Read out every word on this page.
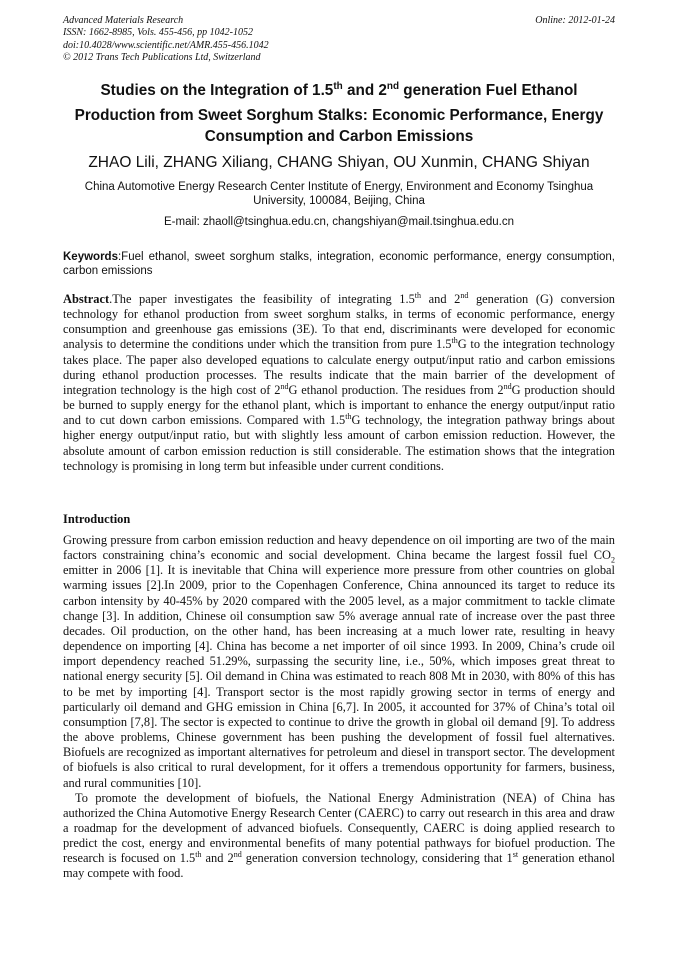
Advanced Materials Research
ISSN: 1662-8985, Vols. 455-456, pp 1042-1052
doi:10.4028/www.scientific.net/AMR.455-456.1042
© 2012 Trans Tech Publications Ltd, Switzerland
Online: 2012-01-24
Studies on the Integration of 1.5th and 2nd generation Fuel Ethanol
Production from Sweet Sorghum Stalks: Economic Performance, Energy Consumption and Carbon Emissions
ZHAO Lili, ZHANG Xiliang, CHANG Shiyan, OU Xunmin, CHANG Shiyan
China Automotive Energy Research Center Institute of Energy, Environment and Economy Tsinghua University, 100084, Beijing, China
E-mail: zhaoll@tsinghua.edu.cn, changshiyan@mail.tsinghua.edu.cn
Keywords:Fuel ethanol, sweet sorghum stalks, integration, economic performance, energy consumption, carbon emissions
Abstract.The paper investigates the feasibility of integrating 1.5th and 2nd generation (G) conversion technology for ethanol production from sweet sorghum stalks, in terms of economic performance, energy consumption and greenhouse gas emissions (3E). To that end, discriminants were developed for economic analysis to determine the conditions under which the transition from pure 1.5thG to the integration technology takes place. The paper also developed equations to calculate energy output/input ratio and carbon emissions during ethanol production processes. The results indicate that the main barrier of the development of integration technology is the high cost of 2ndG ethanol production. The residues from 2ndG production should be burned to supply energy for the ethanol plant, which is important to enhance the energy output/input ratio and to cut down carbon emissions. Compared with 1.5thG technology, the integration pathway brings about higher energy output/input ratio, but with slightly less amount of carbon emission reduction. However, the absolute amount of carbon emission reduction is still considerable. The estimation shows that the integration technology is promising in long term but infeasible under current conditions.
Introduction

Growing pressure from carbon emission reduction and heavy dependence on oil importing are two of the main factors constraining china’s economic and social development. China became the largest fossil fuel $CO_2$ emitter in 2006 [1]. It is inevitable that China will experience more pressure from other countries on global warming issues [2].In 2009, prior to the Copenhagen Conference, China announced its target to reduce its carbon intensity by 40-45% by 2020 compared with the 2005 level, as a major commitment to tackle climate change [3]. In addition, Chinese oil consumption saw 5% average annual rate of increase over the past three decades. Oil production, on the other hand, has been increasing at a much lower rate, resulting in heavy dependence on importing [4]. China has become a net importer of oil since 1993. In 2009, China’s crude oil import dependency reached 51.29%, surpassing the security line, i.e., 50%, which imposes great threat to national energy security [5]. Oil demand in China was estimated to reach 808 Mt in 2030, with 80% of this has to be met by importing [4]. Transport sector is the most rapidly growing sector in terms of energy and particularly oil demand and GHG emission in China [6,7]. In 2005, it accounted for 37% of China’s total oil consumption [7,8]. The sector is expected to continue to drive the growth in global oil demand [9]. To address the above problems, Chinese government has been pushing the development of fossil fuel alternatives. Biofuels are recognized as important alternatives for petroleum and diesel in transport sector. The development of biofuels is also critical to rural development, for it offers a tremendous opportunity for farmers, business, and rural communities [10].

To promote the development of biofuels, the National Energy Administration (NEA) of China has authorized the China Automotive Energy Research Center (CAERC) to carry out research in this area and draw a roadmap for the development of advanced biofuels. Consequently, CAERC is doing applied research to predict the cost, energy and environmental benefits of many potential pathways for biofuel production. The research is focused on 1.5th and 2nd generation conversion technology, considering that 1st generation ethanol may compete with food.
